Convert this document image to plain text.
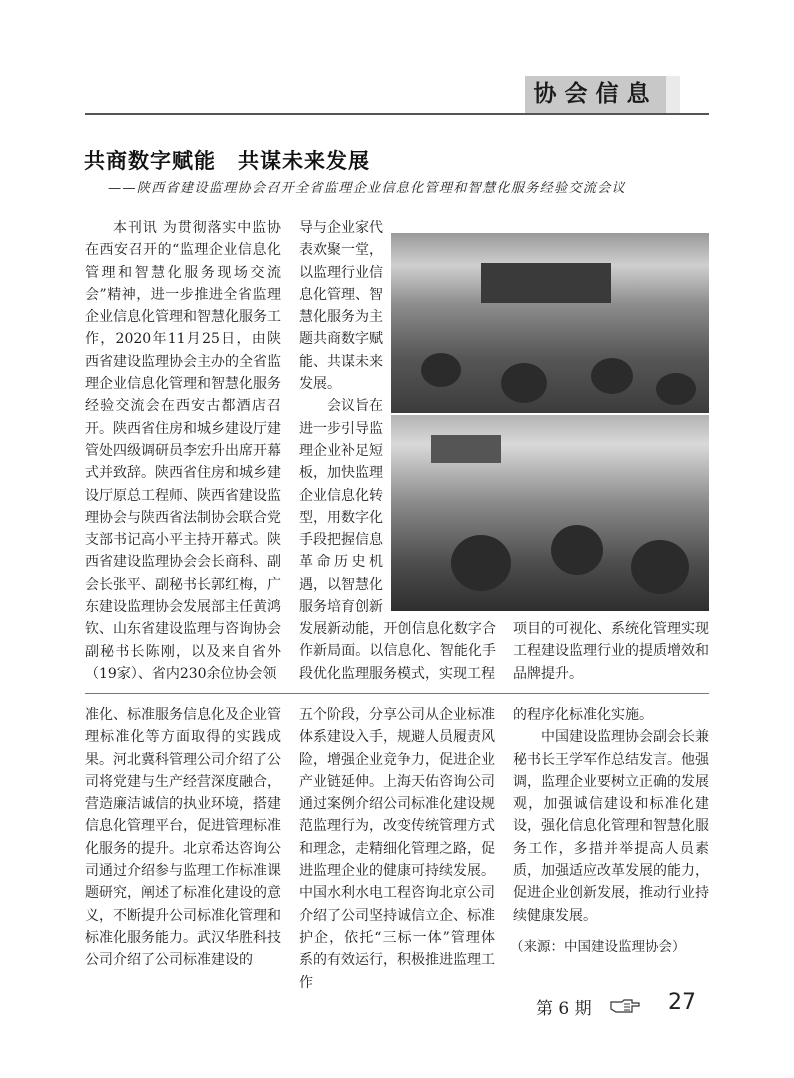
协会信息
共商数字赋能　共谋未来发展
——陕西省建设监理协会召开全省监理企业信息化管理和智慧化服务经验交流会议

本刊讯 为贯彻落实中监协在西安召开的“监理企业信息化管理和智慧化服务现场交流会”精神，进一步推进全省监理企业信息化管理和智慧化服务工作，2020年11月25日，由陕西省建设监理协会主办的全省监理企业信息化管理和智慧化服务经验交流会在西安古都酒店召开。陕西省住房和城乡建设厅建管处四级调研员李宏升出席开幕式并致辞。陕西省住房和城乡建设厅原总工程师、陕西省建设监理协会与陕西省法制协会联合党支部书记高小平主持开幕式。陕西省建设监理协会会长商科、副会长张平、副秘书长郭红梅，广东建设监理协会发展部主任黄鸿钦、山东省建设监理与咨询协会副秘书长陈刚，以及来自省外（19家）、省内230余位协会领

导与企业家代表欢聚一堂，以监理行业信息化管理、智慧化服务为主题共商数字赋能、共谋未来发展。

会议旨在进一步引导监理企业补足短板，加快监理企业信息化转型，用数字化手段把握信息革命历史机遇，以智慧化服务培育创新

发展新动能，开创信息化数字合作新局面。以信息化、智能化手段优化监理服务模式，实现工程

项目的可视化、系统化管理实现工程建设监理行业的提质增效和品牌提升。

准化、标准服务信息化及企业管理标准化等方面取得的实践成果。河北冀科管理公司介绍了公司将党建与生产经营深度融合，营造廉洁诚信的执业环境，搭建信息化管理平台，促进管理标准化服务的提升。北京希达咨询公司通过介绍参与监理工作标准课题研究，阐述了标准化建设的意义，不断提升公司标准化管理和标准化服务能力。武汉华胜科技公司介绍了公司标准建设的

五个阶段，分享公司从企业标准体系建设入手，规避人员履责风险，增强企业竞争力，促进企业产业链延伸。上海天佑咨询公司通过案例介绍公司标准化建设规范监理行为，改变传统管理方式和理念，走精细化管理之路，促进监理企业的健康可持续发展。中国水利水电工程咨询北京公司介绍了公司坚持诚信立企、标准护企，依托“三标一体”管理体系的有效运行，积极推进监理工作

的程序化标准化实施。

中国建设监理协会副会长兼秘书长王学军作总结发言。他强调，监理企业要树立正确的发展观，加强诚信建设和标准化建设，强化信息化管理和智慧化服务工作，多措并举提高人员素质，加强适应改革发展的能力，促进企业创新发展，推动行业持续健康发展。

（来源：中国建设监理协会）
第 6 期	27
